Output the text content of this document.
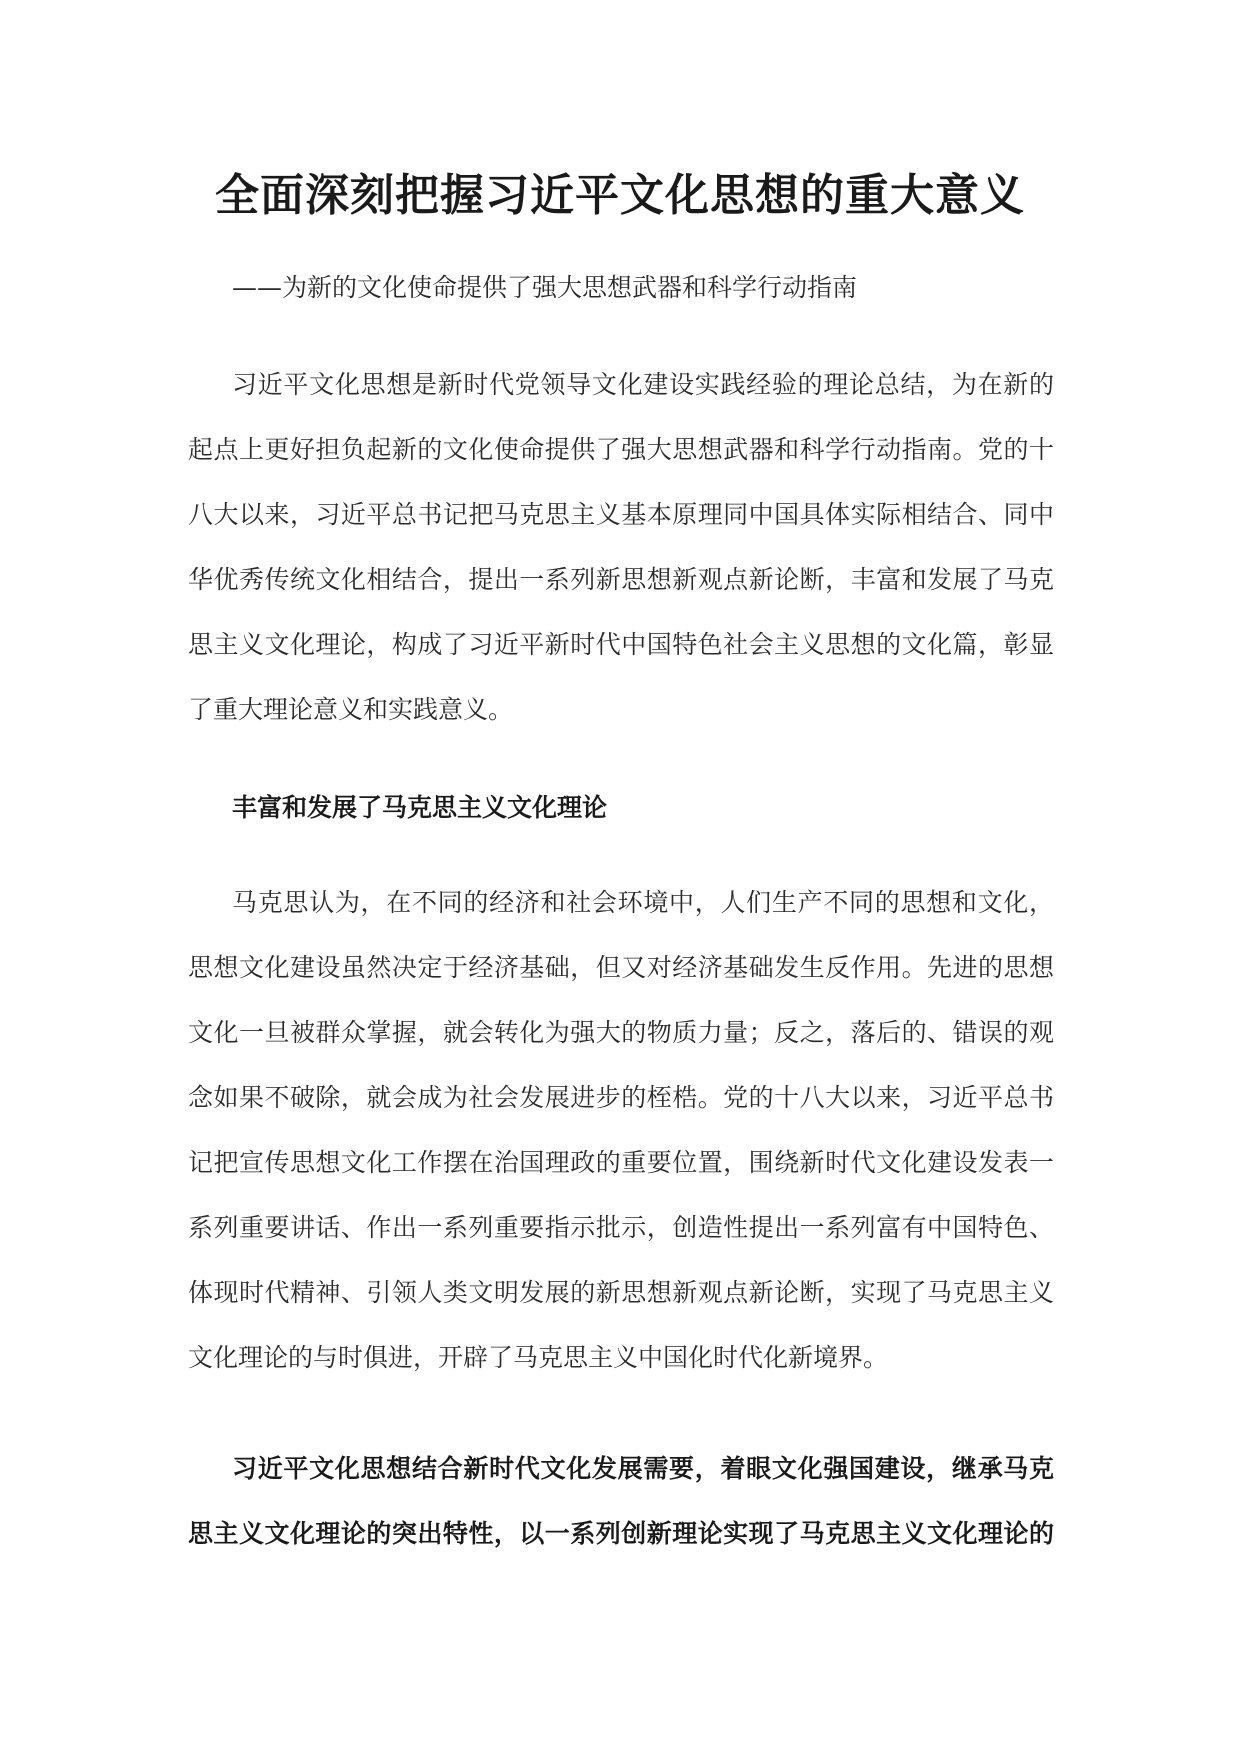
全面深刻把握习近平文化思想的重大意义
——为新的文化使命提供了强大思想武器和科学行动指南
习近平文化思想是新时代党领导文化建设实践经验的理论总结，为在新的
起点上更好担负起新的文化使命提供了强大思想武器和科学行动指南。党的十
八大以来，习近平总书记把马克思主义基本原理同中国具体实际相结合、同中
华优秀传统文化相结合，提出一系列新思想新观点新论断，丰富和发展了马克
思主义文化理论，构成了习近平新时代中国特色社会主义思想的文化篇，彰显
了重大理论意义和实践意义。
丰富和发展了马克思主义文化理论
马克思认为，在不同的经济和社会环境中，人们生产不同的思想和文化，
思想文化建设虽然决定于经济基础，但又对经济基础发生反作用。先进的思想
文化一旦被群众掌握，就会转化为强大的物质力量；反之，落后的、错误的观
念如果不破除，就会成为社会发展进步的桎梏。党的十八大以来，习近平总书
记把宣传思想文化工作摆在治国理政的重要位置，围绕新时代文化建设发表一
系列重要讲话、作出一系列重要指示批示，创造性提出一系列富有中国特色、
体现时代精神、引领人类文明发展的新思想新观点新论断，实现了马克思主义
文化理论的与时俱进，开辟了马克思主义中国化时代化新境界。
习近平文化思想结合新时代文化发展需要，着眼文化强国建设，继承马克
思主义文化理论的突出特性，以一系列创新理论实现了马克思主义文化理论的
